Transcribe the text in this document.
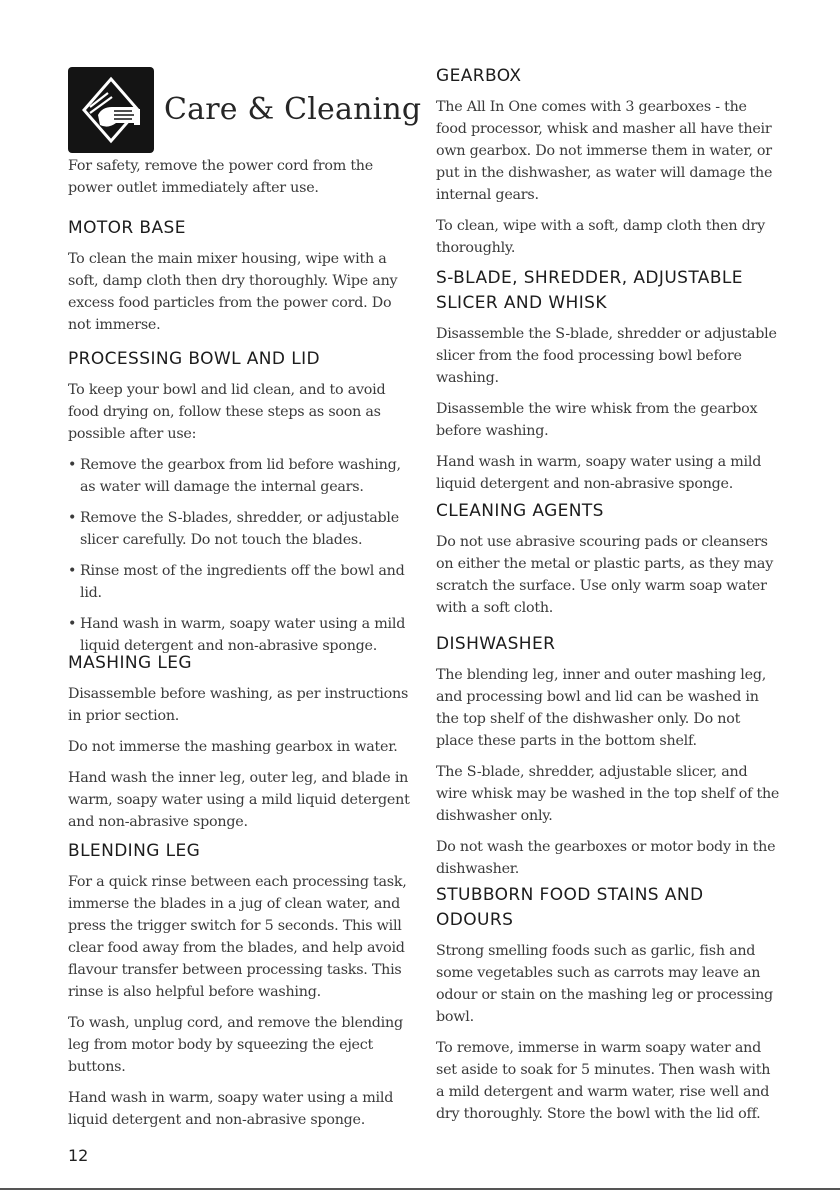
Care & Cleaning

For safety, remove the power cord from the power outlet immediately after use.

MOTOR BASE

To clean the main mixer housing, wipe with a soft, damp cloth then dry thoroughly. Wipe any excess food particles from the power cord. Do not immerse.

PROCESSING BOWL AND LID

To keep your bowl and lid clean, and to avoid food drying on, follow these steps as soon as possible after use:

• Remove the gearbox from lid before washing, as water will damage the internal gears.
• Remove the S-blades, shredder, or adjustable slicer carefully. Do not touch the blades.
• Rinse most of the ingredients off the bowl and lid.
• Hand wash in warm, soapy water using a mild liquid detergent and non-abrasive sponge.
MASHING LEG

Disassemble before washing, as per instructions in prior section.

Do not immerse the mashing gearbox in water.

Hand wash the inner leg, outer leg, and blade in warm, soapy water using a mild liquid detergent and non-abrasive sponge.

BLENDING LEG

For a quick rinse between each processing task, immerse the blades in a jug of clean water, and press the trigger switch for 5 seconds. This will clear food away from the blades, and help avoid flavour transfer between processing tasks. This rinse is also helpful before washing.

To wash, unplug cord, and remove the blending leg from motor body by squeezing the eject buttons.

Hand wash in warm, soapy water using a mild liquid detergent and non-abrasive sponge.

GEARBOX

The All In One comes with 3 gearboxes - the food processor, whisk and masher all have their own gearbox. Do not immerse them in water, or put in the dishwasher, as water will damage the internal gears.

To clean, wipe with a soft, damp cloth then dry thoroughly.

S-BLADE, SHREDDER, ADJUSTABLE SLICER AND WHISK

Disassemble the S-blade, shredder or adjustable slicer from the food processing bowl before washing.

Disassemble the wire whisk from the gearbox before washing.

Hand wash in warm, soapy water using a mild liquid detergent and non-abrasive sponge.

CLEANING AGENTS

Do not use abrasive scouring pads or cleansers on either the metal or plastic parts, as they may scratch the surface. Use only warm soap water with a soft cloth.

DISHWASHER

The blending leg, inner and outer mashing leg, and processing bowl and lid can be washed in the top shelf of the dishwasher only. Do not place these parts in the bottom shelf.

The S-blade, shredder, adjustable slicer, and wire whisk may be washed in the top shelf of the dishwasher only.

Do not wash the gearboxes or motor body in the dishwasher.

STUBBORN FOOD STAINS AND ODOURS

Strong smelling foods such as garlic, fish and some vegetables such as carrots may leave an odour or stain on the mashing leg or processing bowl.

To remove, immerse in warm soapy water and set aside to soak for 5 minutes. Then wash with a mild detergent and warm water, rise well and dry thoroughly. Store the bowl with the lid off.

12
